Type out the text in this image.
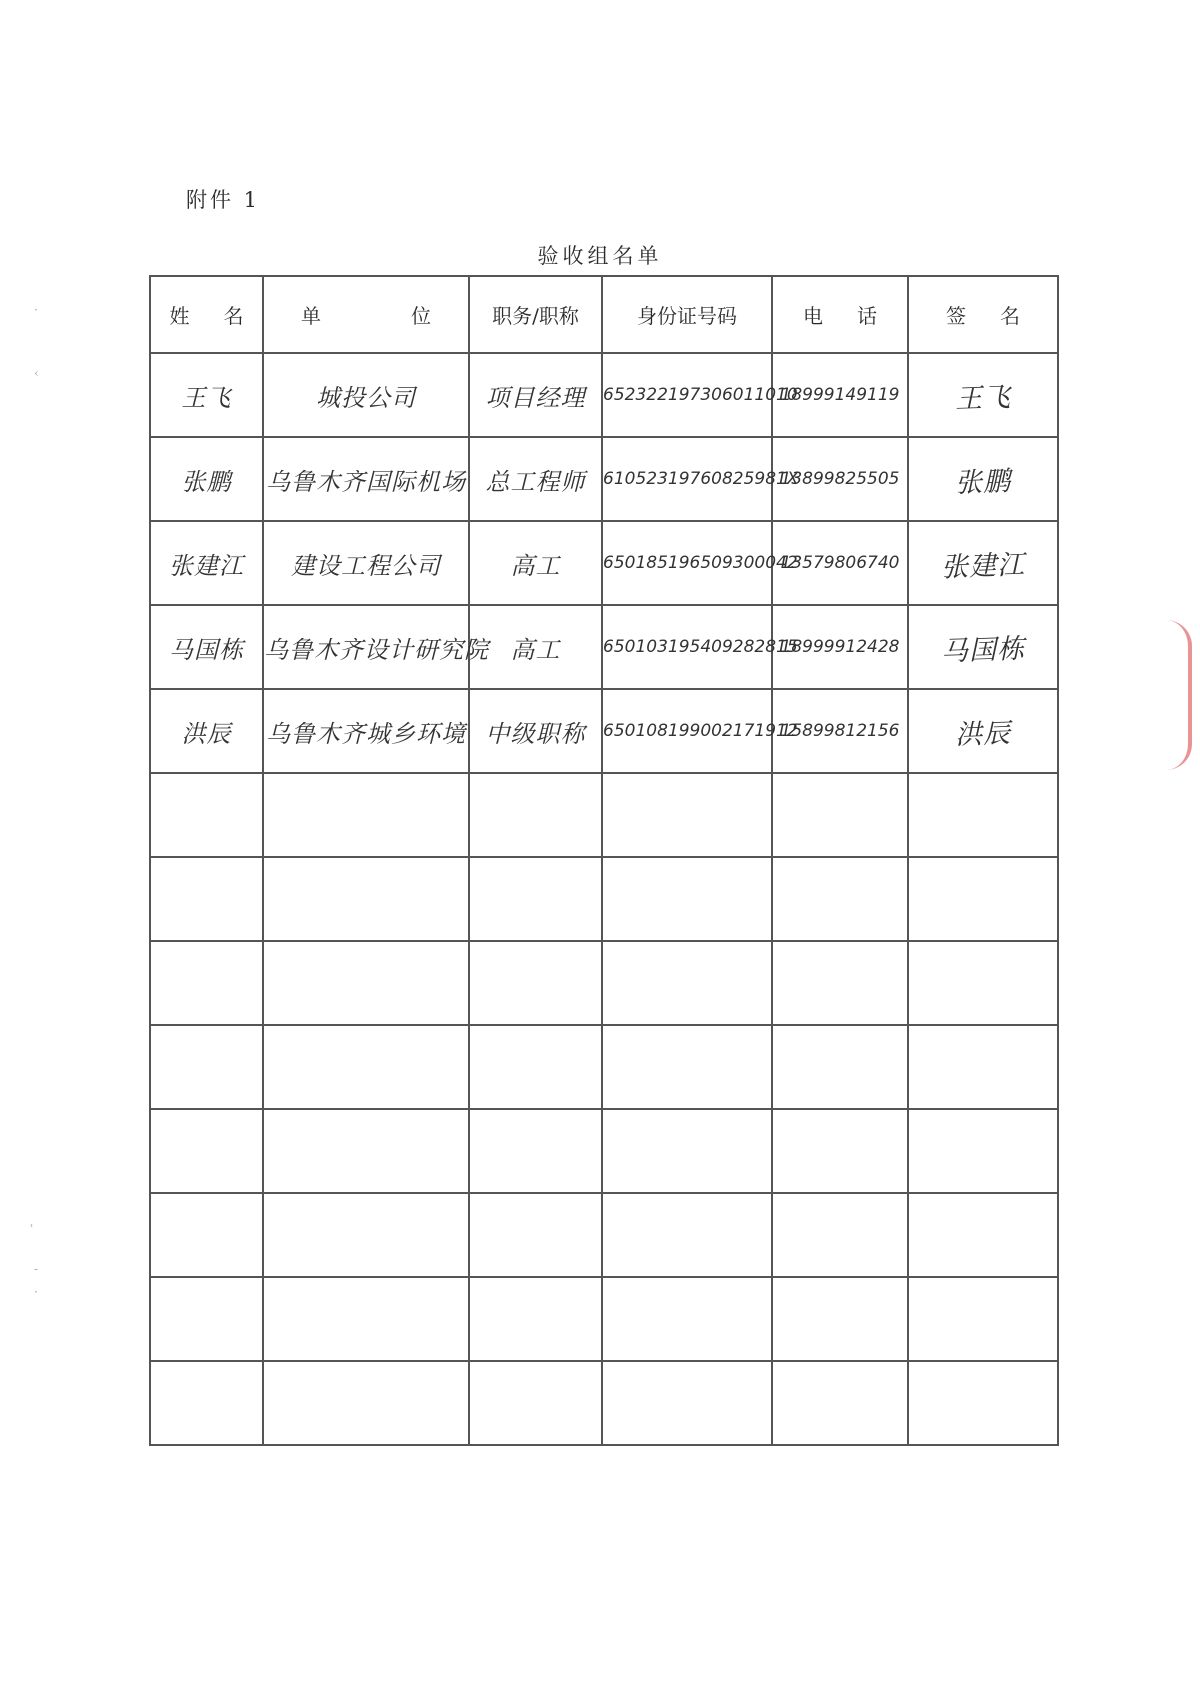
附件 1
验收组名单
姓 名	单 位	职务/职称	身份证号码	电 话	签 名
王飞	城投公司	项目经理	652322197306011010	18999149119	王飞
张鹏	乌鲁木齐国际机场	总工程师	61052319760825981X	13899825505	张鹏
张建江	建设工程公司	高工	650185196509300042	13579806740	张建江
马国栋	乌鲁木齐设计研究院	高工	650103195409282815	18999912428	马国栋
洪辰	乌鲁木齐城乡环境	中级职称	650108199002171912	15899812156	洪辰

·
‹
ʿ
-
·
